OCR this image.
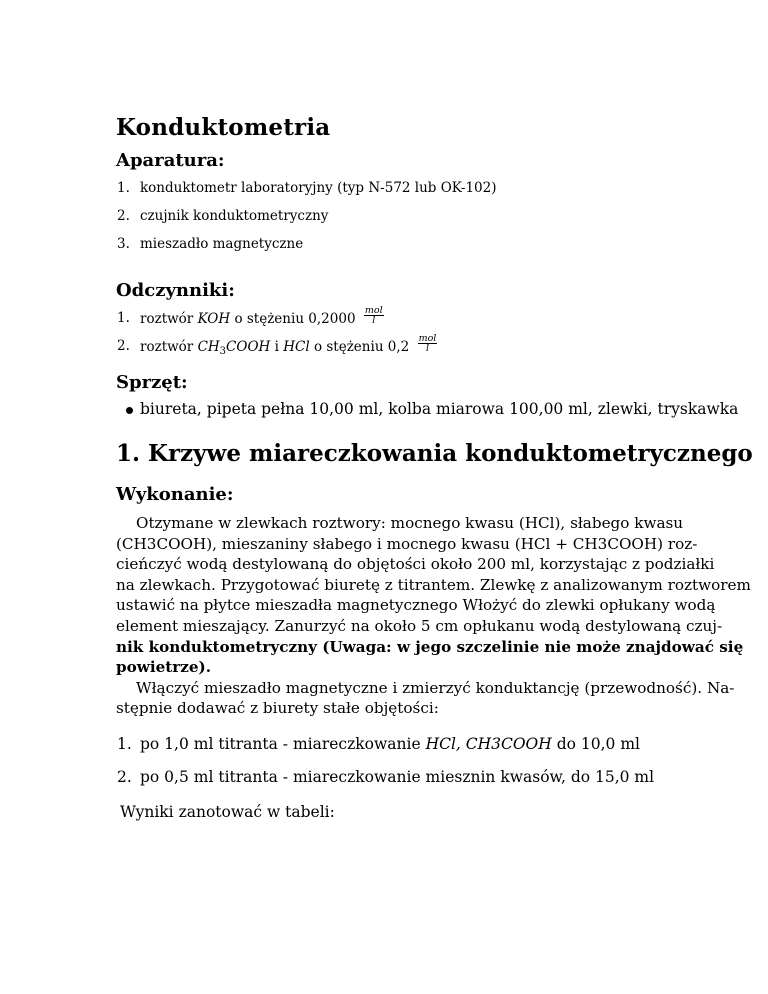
Konduktometria
Aparatura:
1. konduktometr laboratoryjny (typ N-572 lub OK-102)
2. czujnik konduktometryczny
3. mieszadło magnetyczne
Odczynniki:
1. roztwór KOH o stężeniu $0,2000 \frac{\text{mol}}{l}$
2. roztwór $CH_3COOH$ i HCl o stężeniu $0,2 \frac{\text{mol}}{l}$
Sprzęt:
biureta, pipeta pełna 10,00 ml, kolba miarowa 100,00 ml, zlewki, tryskawka
1. Krzywe miareczkowania konduktometrycznego
Wykonanie:
Otzymane w zlewkach roztwory: mocnego kwasu (HCl), słabego kwasu
(CH3COOH), mieszaniny słabego i mocnego kwasu (HCl + CH3COOH) roz-
cieńczyć wodą destylowaną do objętości około 200 ml, korzystając z podziałki
na zlewkach. Przygotować biuretę z titrantem. Zlewkę z analizowanym roztworem
ustawić na płytce mieszadła magnetycznego Włożyć do zlewki opłukany wodą
element mieszający. Zanurzyć na około 5 cm opłukanu wodą destylowaną czuj-
nik konduktometryczny (Uwaga: w jego szczelinie nie może znajdować się
powietrze).
Włączyć mieszadło magnetyczne i zmierzyć konduktancję (przewodność). Na-
stępnie dodawać z biurety stałe objętości:
1. po 1,0 ml titranta - miareczkowanie HCl, CH3COOH do 10,0 ml
2. po 0,5 ml titranta - miareczkowanie miesznin kwasów, do 15,0 ml
Wyniki zanotować w tabeli:
